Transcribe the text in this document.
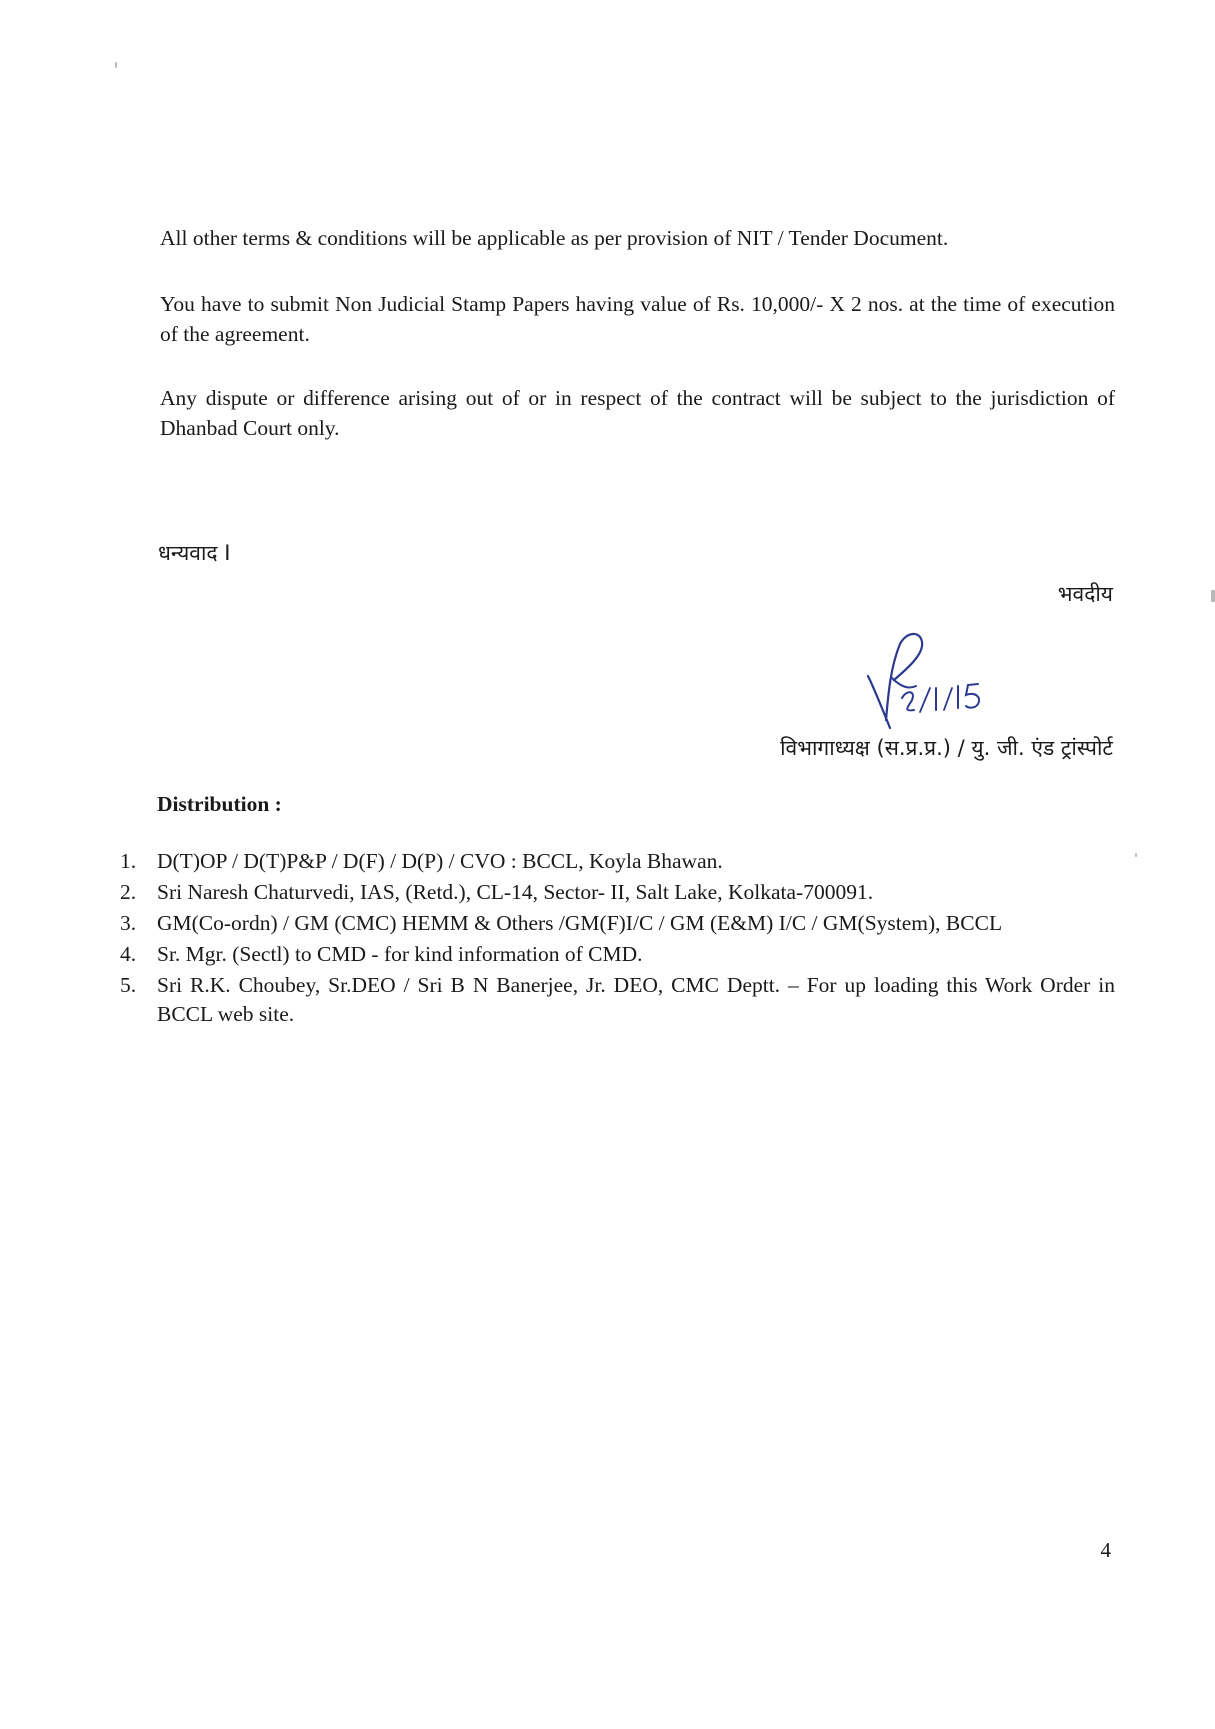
All other terms & conditions will be applicable as per provision of NIT / Tender Document.

You have to submit Non Judicial Stamp Papers having value of Rs. 10,000/- X 2 nos. at the time of execution of the agreement.

Any dispute or difference arising out of or in respect of the contract will be subject to the jurisdiction of Dhanbad Court only.

धन्यवाद I
भवदीय
विभागाध्यक्ष (स.प्र.प्र.) / यु. जी. एंड ट्रांस्पोर्ट
Distribution :
1. D(T)OP / D(T)P&P / D(F) / D(P) / CVO : BCCL, Koyla Bhawan.
2. Sri Naresh Chaturvedi, IAS, (Retd.), CL-14, Sector- II, Salt Lake, Kolkata-700091.
3. GM(Co-ordn) / GM (CMC) HEMM & Others /GM(F)I/C / GM (E&M) I/C / GM(System), BCCL
4. Sr. Mgr. (Sectl) to CMD - for kind information of CMD.
5. Sri R.K. Choubey, Sr.DEO / Sri B N Banerjee, Jr. DEO, CMC Deptt. – For up loading this Work Order in BCCL web site.

4
